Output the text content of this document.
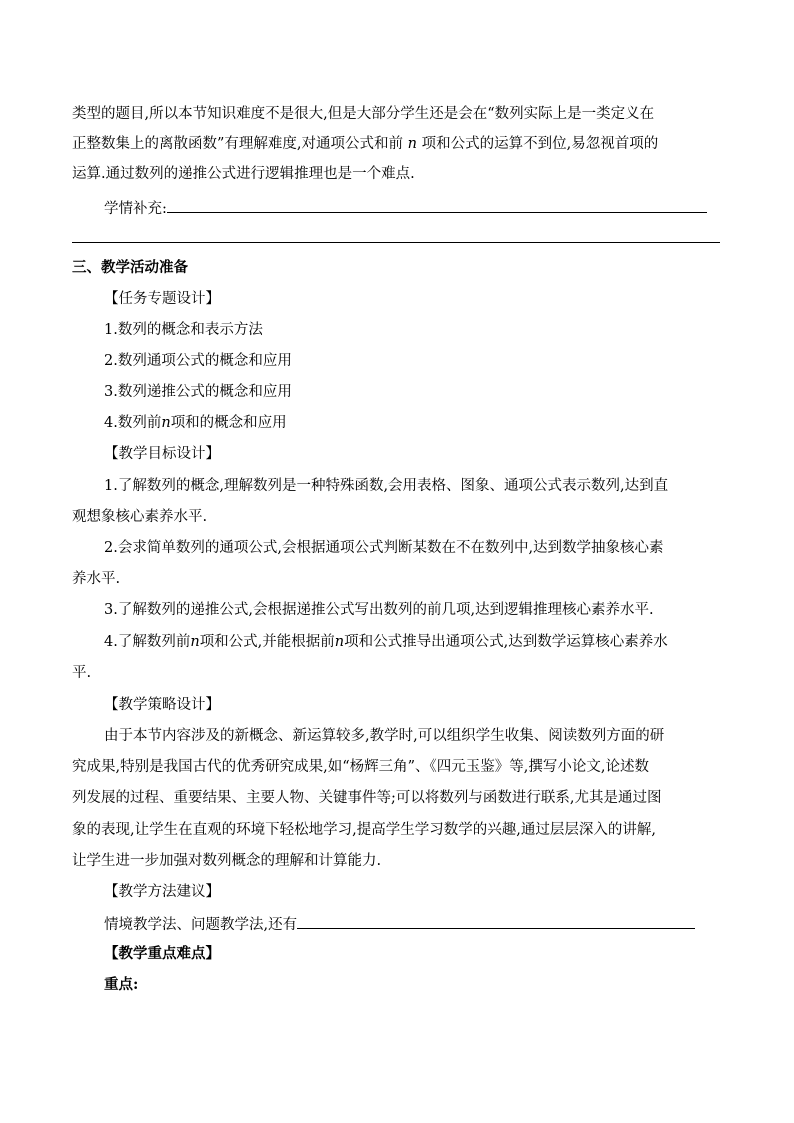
类型的题目,所以本节知识难度不是很大,但是大部分学生还是会在“数列实际上是一类定义在
正整数集上的离散函数”有理解难度,对通项公式和前 n 项和公式的运算不到位,易忽视首项的
运算.通过数列的递推公式进行逻辑推理也是一个难点.
学情补充:
三、教学活动准备
【任务专题设计】
1.数列的概念和表示方法
2.数列通项公式的概念和应用
3.数列递推公式的概念和应用
4.数列前n项和的概念和应用
【教学目标设计】
1.了解数列的概念,理解数列是一种特殊函数,会用表格、图象、通项公式表示数列,达到直
观想象核心素养水平.
2.会求简单数列的通项公式,会根据通项公式判断某数在不在数列中,达到数学抽象核心素
养水平.
3.了解数列的递推公式,会根据递推公式写出数列的前几项,达到逻辑推理核心素养水平.
4.了解数列前n项和公式,并能根据前n项和公式推导出通项公式,达到数学运算核心素养水
平.
【教学策略设计】
由于本节内容涉及的新概念、新运算较多,教学时,可以组织学生收集、阅读数列方面的研
究成果,特别是我国古代的优秀研究成果,如“杨辉三角”、《四元玉鉴》等,撰写小论文,论述数
列发展的过程、重要结果、主要人物、关键事件等;可以将数列与函数进行联系,尤其是通过图
象的表现,让学生在直观的环境下轻松地学习,提高学生学习数学的兴趣,通过层层深入的讲解,
让学生进一步加强对数列概念的理解和计算能力.
【教学方法建议】
情境教学法、问题教学法,还有
【教学重点难点】
重点:
